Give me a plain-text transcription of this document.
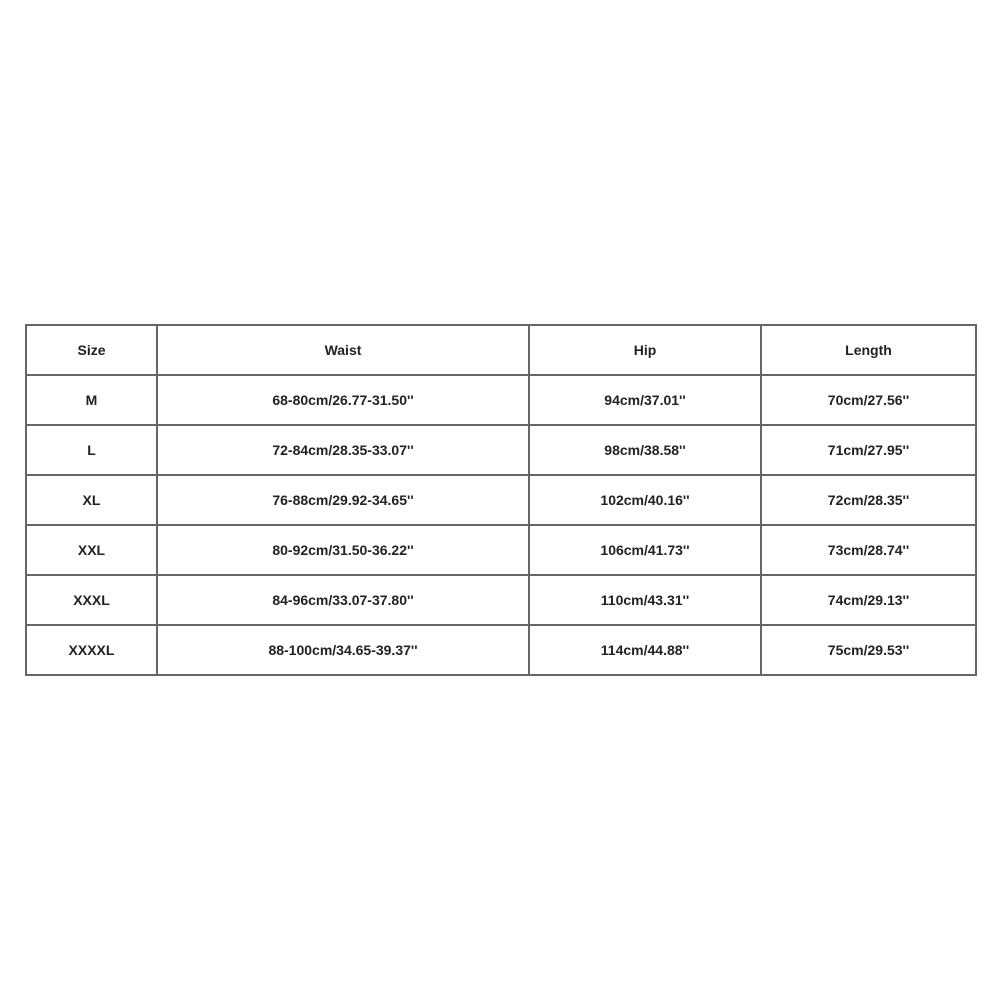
Size	Waist	Hip	Length
M	68-80cm/26.77-31.50''	94cm/37.01''	70cm/27.56''
L	72-84cm/28.35-33.07''	98cm/38.58''	71cm/27.95''
XL	76-88cm/29.92-34.65''	102cm/40.16''	72cm/28.35''
XXL	80-92cm/31.50-36.22''	106cm/41.73''	73cm/28.74''
XXXL	84-96cm/33.07-37.80''	110cm/43.31''	74cm/29.13''
XXXXL	88-100cm/34.65-39.37''	114cm/44.88''	75cm/29.53''
